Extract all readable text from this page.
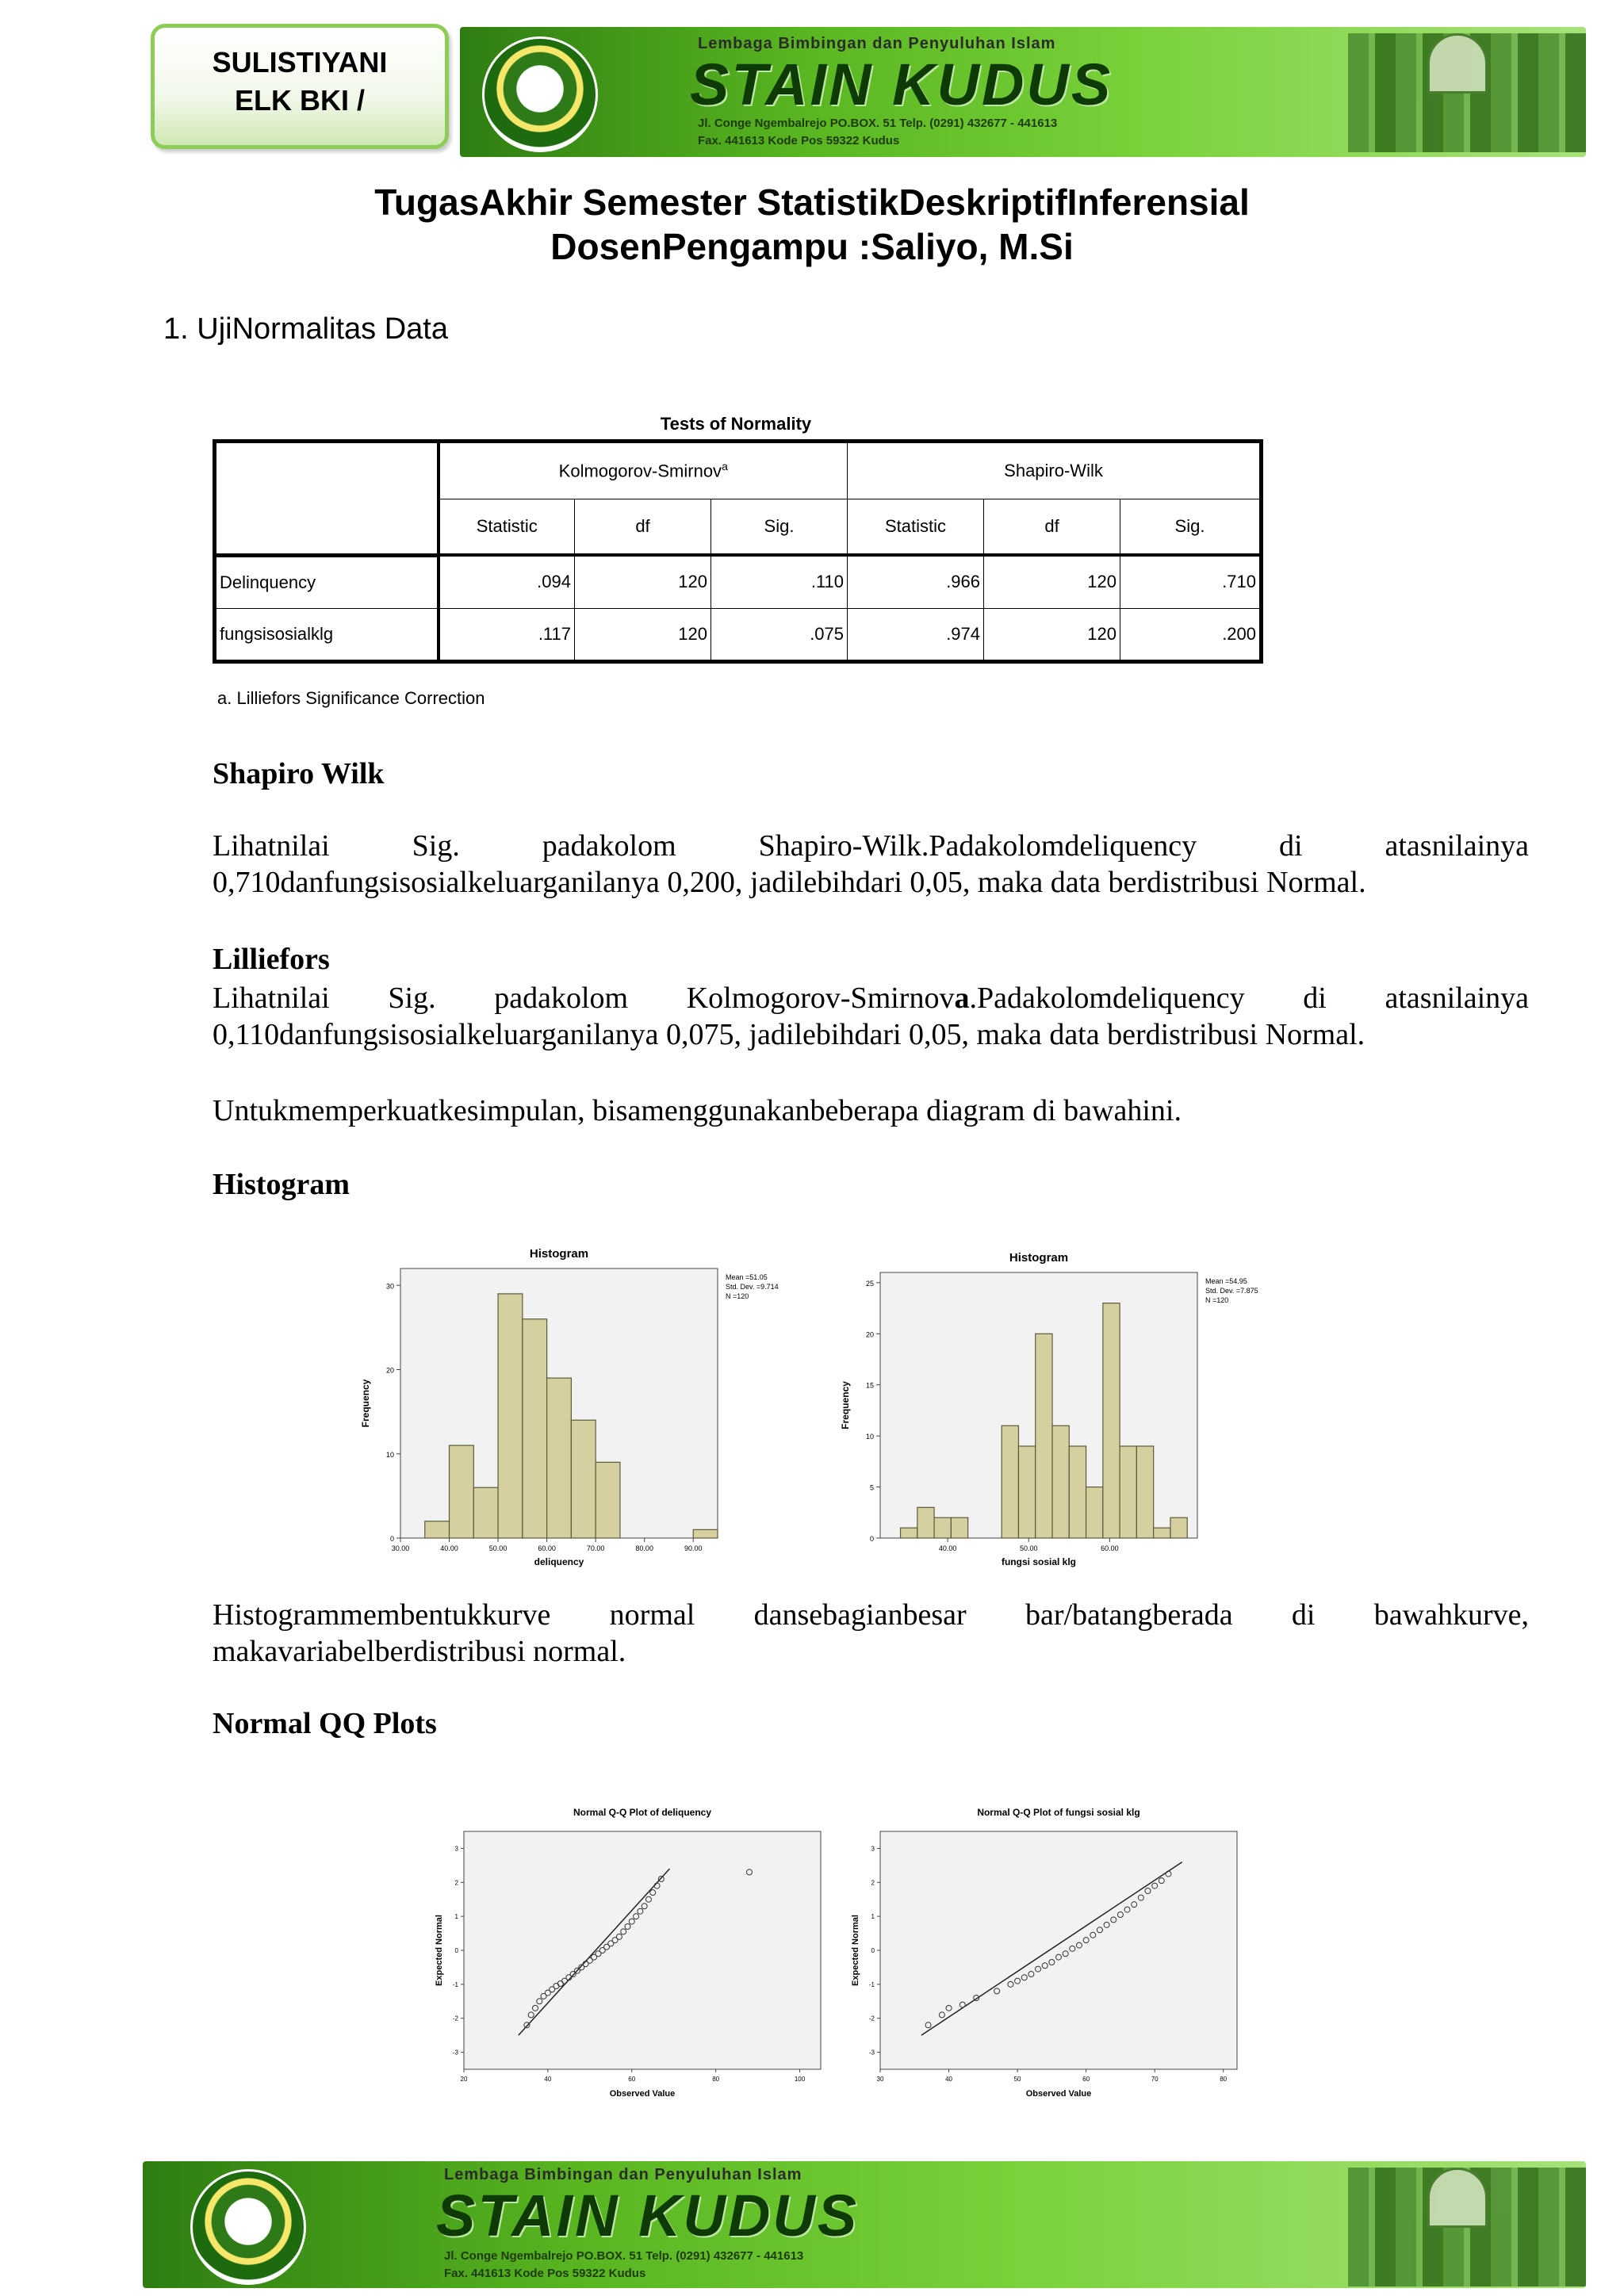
Lembaga Bimbingan dan Penyuluhan Islam
STAIN KUDUS
Jl. Conge Ngembalrejo PO.BOX. 51 Telp. (0291) 432677 - 441613
Fax. 441613 Kode Pos 59322 Kudus
SULISTIYANI
ELK BKI /
TugasAkhir Semester StatistikDeskriptifInferensial
DosenPengampu :Saliyo, M.Si
1. UjiNormalitas Data
Tests of Normality
	Kolmogorov-Smirnov$^a$			Shapiro-Wilk		
	Statistic	df	Sig.	Statistic	df	Sig.
Delinquency	.094	120	.110	.966	120	.710
fungsisosialklg	.117	120	.075	.974	120	.200
a. Lilliefors Significance Correction
Shapiro Wilk
Lihatnilai Sig. padakolom Shapiro-Wilk.Padakolomdeliquency di atasnilainya 0,710danfungsisosialkeluarganilanya 0,200, jadilebihdari 0,05, maka data berdistribusi Normal.
Lilliefors
Lihatnilai Sig. padakolom Kolmogorov-Smirnova.Padakolomdeliquency di atasnilainya 0,110danfungsisosialkeluarganilanya 0,075, jadilebihdari 0,05, maka data berdistribusi Normal.
Untukmemperkuatkesimpulan, bisamenggunakanbeberapa diagram di bawahini.
Histogram
Histogram
0
10
20
30
30.00	40.00	50.00	60.00	70.00	80.00	90.00
deliquency
Frequency
Mean =51.05
Std. Dev. =9.714
N =120
Histogram
0
5
10
15
20
25
40.00	50.00	60.00
fungsi sosial klg
Frequency
Mean =54.95
Std. Dev. =7.875
N =120
Histogrammembentukkurve normal dansebagianbesar bar/batangberada di bawahkurve, makavariabelberdistribusi normal.
Normal QQ Plots
Normal Q-Q Plot of deliquency
-3
-2
-1
0
1
2
3
20	40	60	80	100
Observed Value
Expected Normal
Normal Q-Q Plot of fungsi sosial klg
-3
-2
-1
0
1
2
3
30	40	50	60	70	80
Observed Value
Expected Normal
Lembaga Bimbingan dan Penyuluhan Islam
STAIN KUDUS
Jl. Conge Ngembalrejo PO.BOX. 51 Telp. (0291) 432677 - 441613
Fax. 441613 Kode Pos 59322 Kudus
